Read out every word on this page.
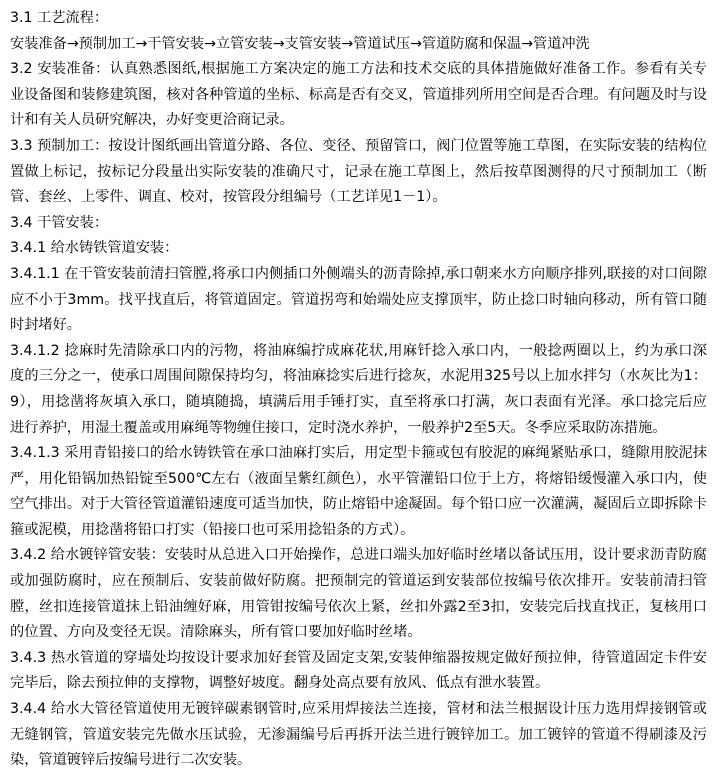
3.1 工艺流程：

安装准备→预制加工→干管安装→立管安装→支管安装→管道试压→管道防腐和保温→管道冲洗

3.2 安装准备：认真熟悉图纸,根据施工方案决定的施工方法和技术交底的具体措施做好准备工作。参看有关专业设备图和装修建筑图，核对各种管道的坐标、标高是否有交叉，管道排列所用空间是否合理。有问题及时与设计和有关人员研究解决，办好变更洽商记录。

3.3 预制加工：按设计图纸画出管道分路、各位、变径、预留管口，阀门位置等施工草图，在实际安装的结构位置做上标记，按标记分段量出实际安装的准确尺寸，记录在施工草图上，然后按草图测得的尺寸预制加工（断管、套丝、上零件、调直、校对，按管段分组编号（工艺详见1－1）。

3.4 干管安装：

3.4.1 给水铸铁管道安装：

3.4.1.1 在干管安装前清扫管膛,将承口内侧插口外侧端头的沥青除掉,承口朝来水方向顺序排列,联接的对口间隙应不小于3mm。找平找直后，将管道固定。管道拐弯和始端处应支撑顶牢，防止捻口时轴向移动，所有管口随时封堵好。

3.4.1.2 捻麻时先清除承口内的污物，将油麻编拧成麻花状,用麻钎捻入承口内，一般捻两圈以上，约为承口深度的三分之一，使承口周围间隙保持均匀，将油麻捻实后进行捻灰，水泥用325号以上加水拌匀（水灰比为1：9），用捻凿将灰填入承口，随填随捣，填满后用手锤打实，直至将承口打满，灰口表面有光泽。承口捻完后应进行养护，用湿土覆盖或用麻绳等物缠住接口，定时浇水养护，一般养护2至5天。冬季应采取防冻措施。

3.4.1.3 采用青铅接口的给水铸铁管在承口油麻打实后，用定型卡箍或包有胶泥的麻绳紧贴承口，缝隙用胶泥抹严，用化铅锅加热铅锭至500℃左右（液面呈紫红颜色），水平管灌铅口位于上方，将熔铅缓慢灌入承口内，使空气排出。对于大管径管道灌铅速度可适当加快，防止熔铅中途凝固。每个铅口应一次灌满，凝固后立即拆除卡箍或泥模，用捻凿将铅口打实（铅接口也可采用捻铅条的方式）。

3.4.2 给水镀锌管安装：安装时从总进入口开始操作，总进口端头加好临时丝堵以备试压用，设计要求沥青防腐或加强防腐时，应在预制后、安装前做好防腐。把预制完的管道运到安装部位按编号依次排开。安装前清扫管膛，丝扣连接管道抹上铅油缠好麻，用管钳按编号依次上紧，丝扣外露2至3扣，安装完后找直找正，复核用口的位置、方向及变径无误。清除麻头，所有管口要加好临时丝堵。

3.4.3 热水管道的穿墙处均按设计要求加好套管及固定支架,安装伸缩器按规定做好预拉伸，待管道固定卡件安完毕后，除去预拉伸的支撑物，调整好坡度。翻身处高点要有放风、低点有泄水装置。

3.4.4 给水大管径管道使用无镀锌碳素钢管时,应采用焊接法兰连接，管材和法兰根据设计压力选用焊接钢管或无缝钢管，管道安装完先做水压试验，无渗漏编号后再拆开法兰进行镀锌加工。加工镀锌的管道不得刷漆及污染，管道镀锌后按编号进行二次安装。
